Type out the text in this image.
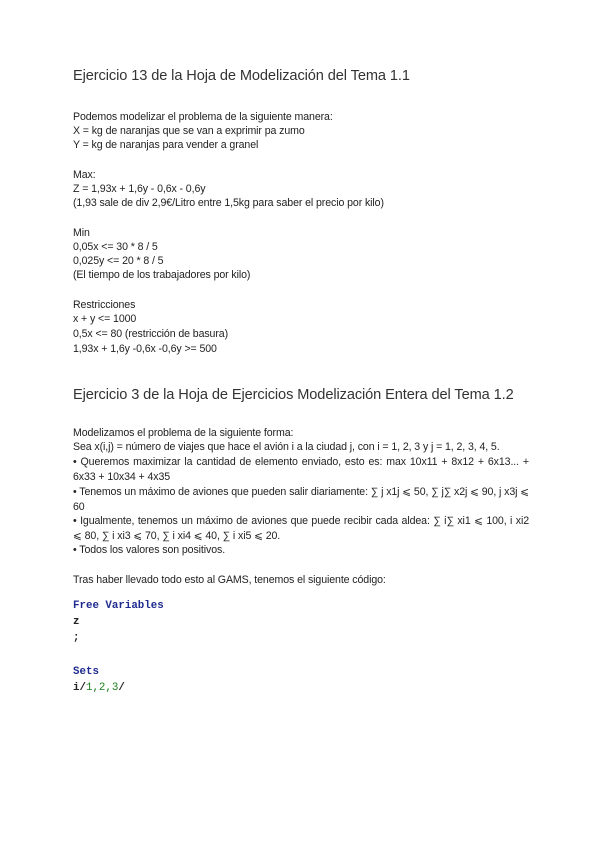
Ejercicio 13 de la Hoja de Modelización del Tema 1.1
Podemos modelizar el problema de la siguiente manera:
X = kg de naranjas que se van a exprimir pa zumo
Y = kg de naranjas para vender a granel
Max:
Z = 1,93x + 1,6y - 0,6x - 0,6y
(1,93 sale de div 2,9€/Litro entre 1,5kg para saber el precio por kilo)
Min
0,05x <= 30 * 8 / 5
0,025y <= 20 * 8 / 5
(El tiempo de los trabajadores por kilo)
Restricciones
x + y <= 1000
0,5x <= 80 (restricción de basura)
1,93x + 1,6y -0,6x -0,6y >= 500
Ejercicio 3 de la Hoja de Ejercicios Modelización Entera del Tema 1.2
Modelizamos el problema de la siguiente forma:
Sea x(i,j) = número de viajes que hace el avión i a la ciudad j, con i = 1, 2, 3 y j = 1, 2, 3, 4, 5.
• Queremos maximizar la cantidad de elemento enviado, esto es: max 10x11 + 8x12 + 6x13... + 6x33 + 10x34 + 4x35
• Tenemos un máximo de aviones que pueden salir diariamente: ∑ j x1j ⩽ 50, ∑ j∑ x2j ⩽ 90, j x3j ⩽ 60
• Igualmente, tenemos un máximo de aviones que puede recibir cada aldea: ∑ i∑ xi1 ⩽ 100, i xi2 ⩽ 80, ∑ i xi3 ⩽ 70, ∑ i xi4 ⩽ 40, ∑ i xi5 ⩽ 20.
• Todos los valores son positivos.
Tras haber llevado todo esto al GAMS, tenemos el siguiente código:
Free Variables
z
;
Sets
i/1,2,3/
